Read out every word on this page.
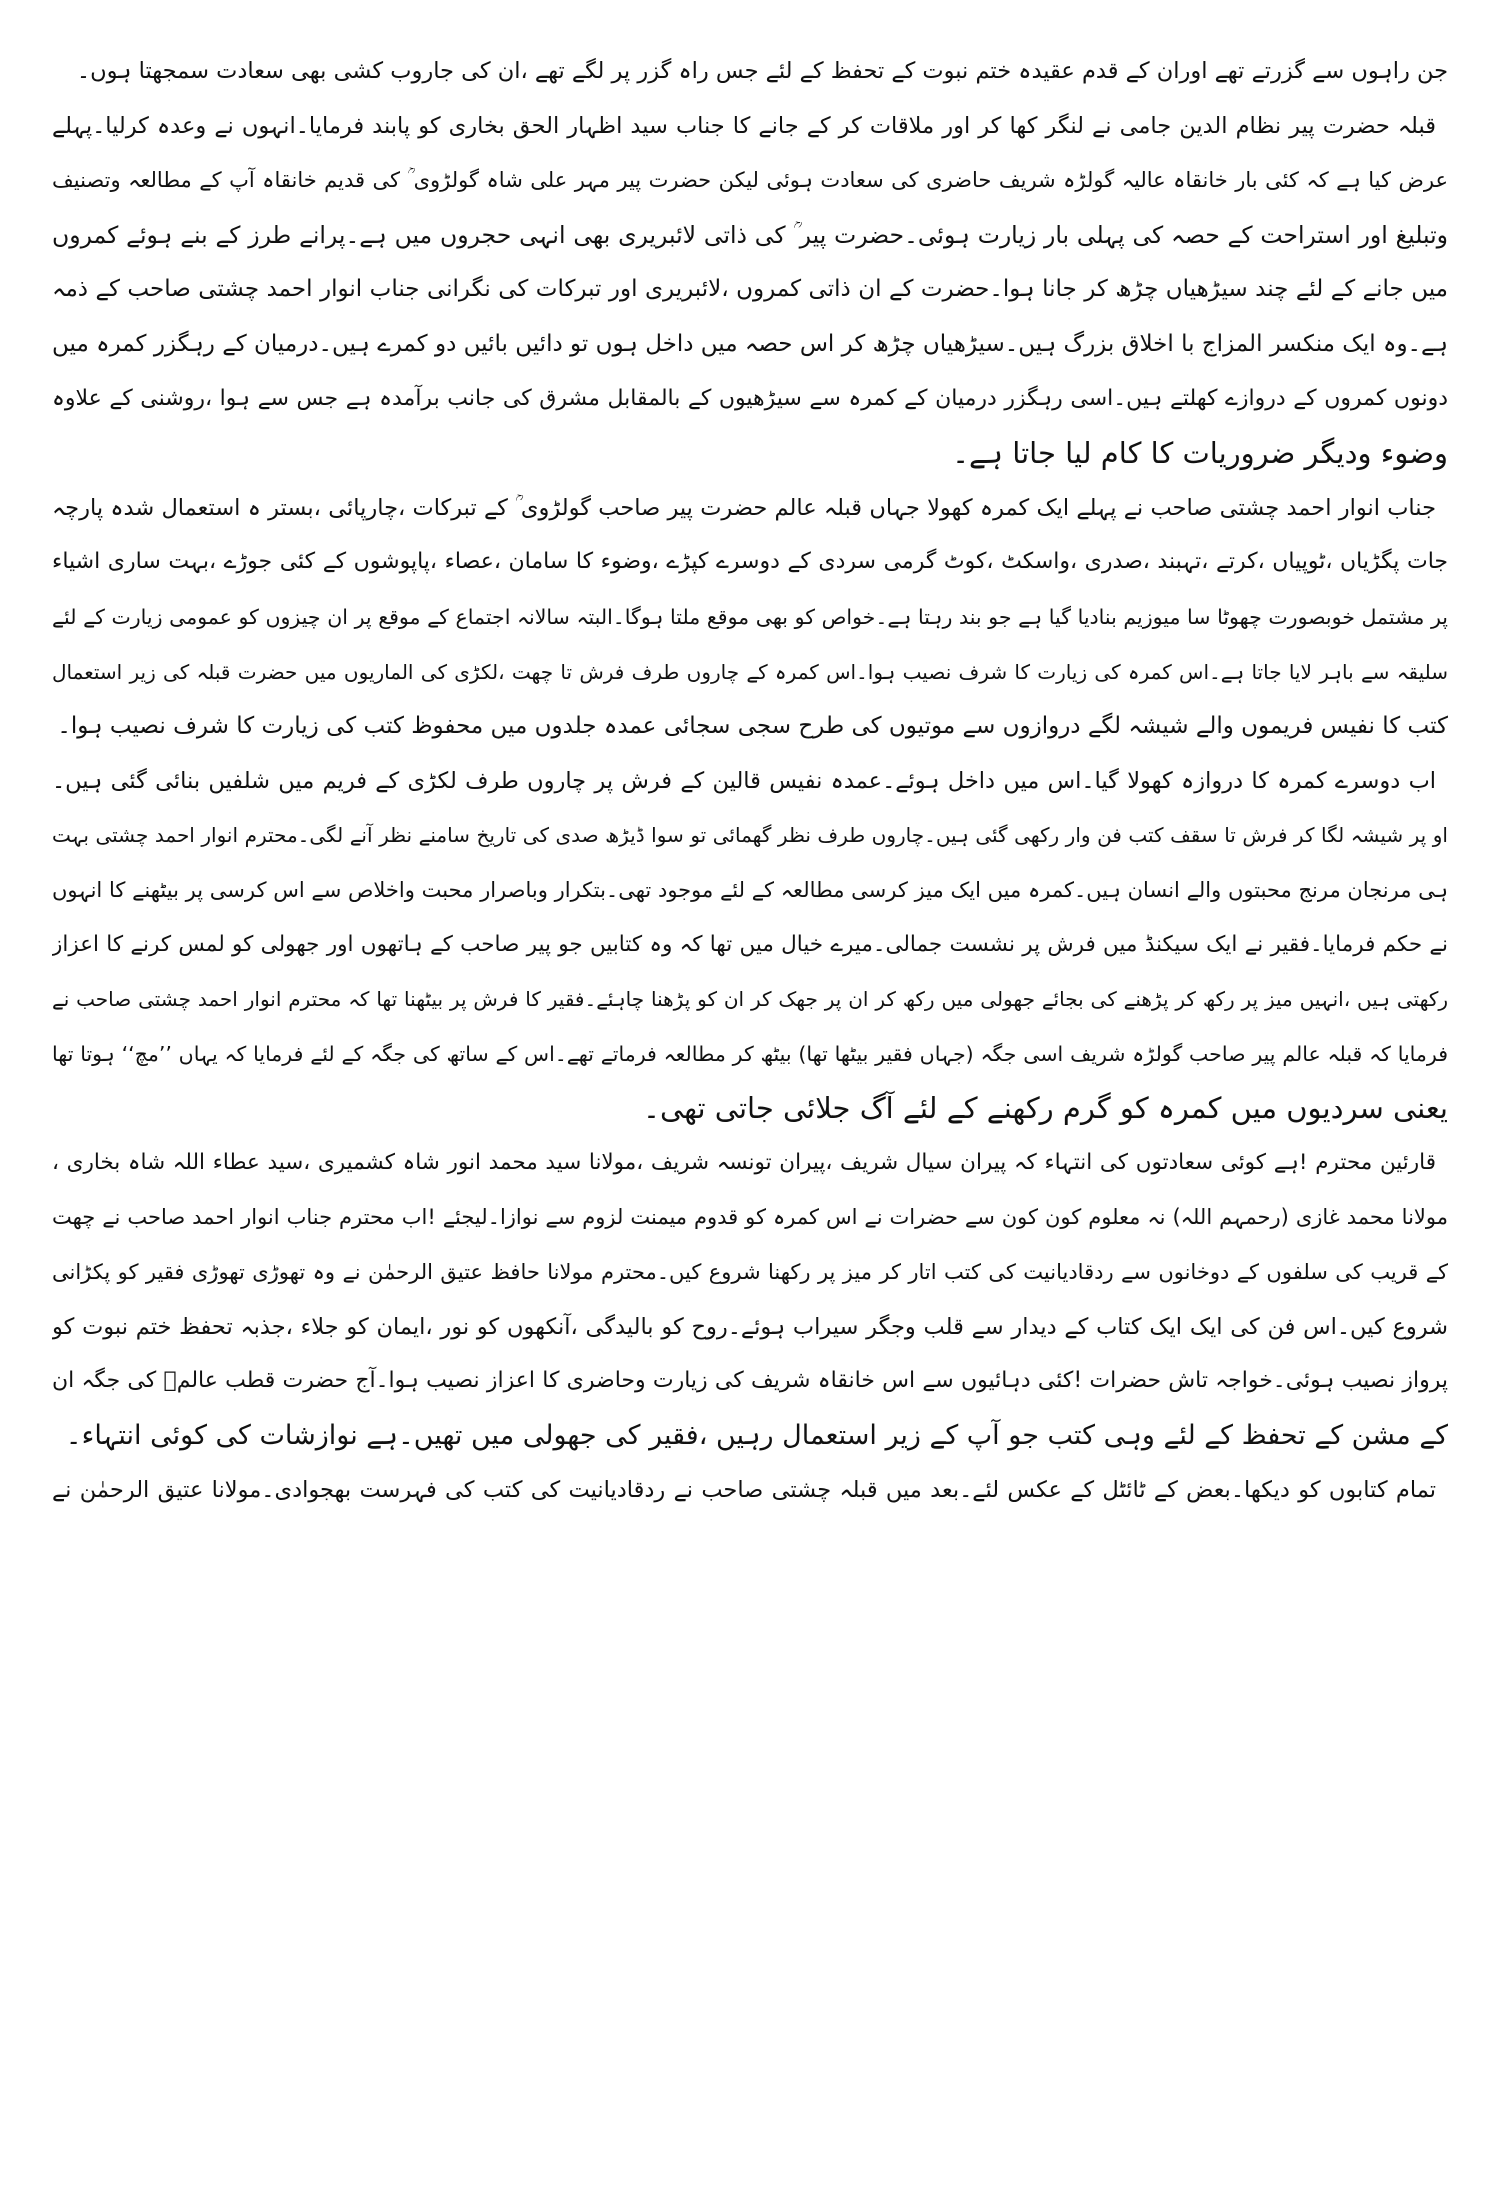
جن راہوں سے گزرتے تھے اوران کے قدم عقیدہ ختم نبوت کے تحفظ کے لئے جس راہ گزر پر لگے تھے ،ان کی جاروب کشی بھی سعادت سمجھتا ہوں۔
قبلہ حضرت پیر نظام الدین جامی نے لنگر کھا کر اور ملاقات کر کے جانے کا جناب سید اظہار الحق بخاری کو پابند فرمایا۔انہوں نے وعدہ کرلیا۔پہلے
عرض کیا ہے کہ کئی بار خانقاہ عالیہ گولڑہ شریف حاضری کی سعادت ہوئی لیکن حضرت پیر مہر علی شاہ گولڑوی ؒ کی قدیم خانقاہ آپ کے مطالعہ وتصنیف
وتبلیغ اور استراحت کے حصہ کی پہلی بار زیارت ہوئی۔حضرت پیر ؒ کی ذاتی لائبریری بھی انہی حجروں میں ہے۔پرانے طرز کے بنے ہوئے کمروں
میں جانے کے لئے چند سیڑھیاں چڑھ کر جانا ہوا۔حضرت کے ان ذاتی کمروں ،لائبریری اور تبرکات کی نگرانی جناب انوار احمد چشتی صاحب کے ذمہ
ہے۔وہ ایک منکسر المزاج با اخلاق بزرگ ہیں۔سیڑھیاں چڑھ کر اس حصہ میں داخل ہوں تو دائیں بائیں دو کمرے ہیں۔درمیان کے رہگزر کمرہ میں
دونوں کمروں کے دروازے کھلتے ہیں۔اسی رہگزر درمیان کے کمرہ سے سیڑھیوں کے بالمقابل مشرق کی جانب برآمدہ ہے جس سے ہوا ،روشنی کے علاوہ
وضوء ودیگر ضروریات کا کام لیا جاتا ہے۔
جناب انوار احمد چشتی صاحب نے پہلے ایک کمرہ کھولا جہاں قبلہ عالم حضرت پیر صاحب گولڑوی ؒ کے تبرکات ،چارپائی ،بستر ہ استعمال شدہ پارچہ
جات پگڑیاں ،ٹوپیاں ،کرتے ،تہبند ،صدری ،واسکٹ ،کوٹ گرمی سردی کے دوسرے کپڑے ،وضوء کا سامان ،عصاء ،پاپوشوں کے کئی جوڑے ،بہت ساری اشیاء
پر مشتمل خوبصورت چھوٹا سا میوزیم بنادیا گیا ہے جو بند رہتا ہے۔خواص کو بھی موقع ملتا ہوگا۔البتہ سالانہ اجتماع کے موقع پر ان چیزوں کو عمومی زیارت کے لئے
سلیقہ سے باہر لایا جاتا ہے۔اس کمرہ کی زیارت کا شرف نصیب ہوا۔اس کمرہ کے چاروں طرف فرش تا چھت ،لکڑی کی الماریوں میں حضرت قبلہ کی زیر استعمال
کتب کا نفیس فریموں والے شیشہ لگے دروازوں سے موتیوں کی طرح سجی سجائی عمدہ جلدوں میں محفوظ کتب کی زیارت کا شرف نصیب ہوا۔
اب دوسرے کمرہ کا دروازہ کھولا گیا۔اس میں داخل ہوئے۔عمدہ نفیس قالین کے فرش پر چاروں طرف لکڑی کے فریم میں شلفیں بنائی گئی ہیں۔
او پر شیشہ لگا کر فرش تا سقف کتب فن وار رکھی گئی ہیں۔چاروں طرف نظر گھمائی تو سوا ڈیڑھ صدی کی تاریخ سامنے نظر آنے لگی۔محترم انوار احمد چشتی بہت
ہی مرنجان مرنج محبتوں والے انسان ہیں۔کمرہ میں ایک میز کرسی مطالعہ کے لئے موجود تھی۔بتکرار وباصرار محبت واخلاص سے اس کرسی پر بیٹھنے کا انہوں
نے حکم فرمایا۔فقیر نے ایک سیکنڈ میں فرش پر نشست جمالی۔میرے خیال میں تھا کہ وہ کتابیں جو پیر صاحب کے ہاتھوں اور جھولی کو لمس کرنے کا اعزاز
رکھتی ہیں ،انہیں میز پر رکھ کر پڑھنے کی بجائے جھولی میں رکھ کر ان پر جھک کر ان کو پڑھنا چاہئے۔فقیر کا فرش پر بیٹھنا تھا کہ محترم انوار احمد چشتی صاحب نے
فرمایا کہ قبلہ عالم پیر صاحب گولڑہ شریف اسی جگہ (جہاں فقیر بیٹھا تھا) بیٹھ کر مطالعہ فرماتے تھے۔اس کے ساتھ کی جگہ کے لئے فرمایا کہ یہاں ’’مچ‘‘ ہوتا تھا
یعنی سردیوں میں کمرہ کو گرم رکھنے کے لئے آگ جلائی جاتی تھی۔
قارئین محترم !ہے کوئی سعادتوں کی انتہاء کہ پیران سیال شریف ،پیران تونسہ شریف ،مولانا سید محمد انور شاہ کشمیری ،سید عطاء اللہ شاہ بخاری ،
مولانا محمد غازی (رحمہم اللہ) نہ معلوم کون کون سے حضرات نے اس کمرہ کو قدوم میمنت لزوم سے نوازا۔لیجئے !اب محترم جناب انوار احمد صاحب نے چھت
کے قریب کی سلفوں کے دوخانوں سے ردقادیانیت کی کتب اتار کر میز پر رکھنا شروع کیں۔محترم مولانا حافظ عتیق الرحمٰن نے وہ تھوڑی تھوڑی فقیر کو پکڑانی
شروع کیں۔اس فن کی ایک ایک کتاب کے دیدار سے قلب وجگر سیراب ہوئے۔روح کو بالیدگی ،آنکھوں کو نور ،ایمان کو جلاء ،جذبہ تحفظ ختم نبوت کو
پرواز نصیب ہوئی۔خواجہ تاش حضرات !کئی دہائیوں سے اس خانقاہ شریف کی زیارت وحاضری کا اعزاز نصیب ہوا۔آج حضرت قطب عالمؒ کی جگہ ان
کے مشن کے تحفظ کے لئے وہی کتب جو آپ کے زیر استعمال رہیں ،فقیر کی جھولی میں تھیں۔ہے نوازشات کی کوئی انتہاء۔
تمام کتابوں کو دیکھا۔بعض کے ٹائٹل کے عکس لئے۔بعد میں قبلہ چشتی صاحب نے ردقادیانیت کی کتب کی فہرست بھجوادی۔مولانا عتیق الرحمٰن نے
